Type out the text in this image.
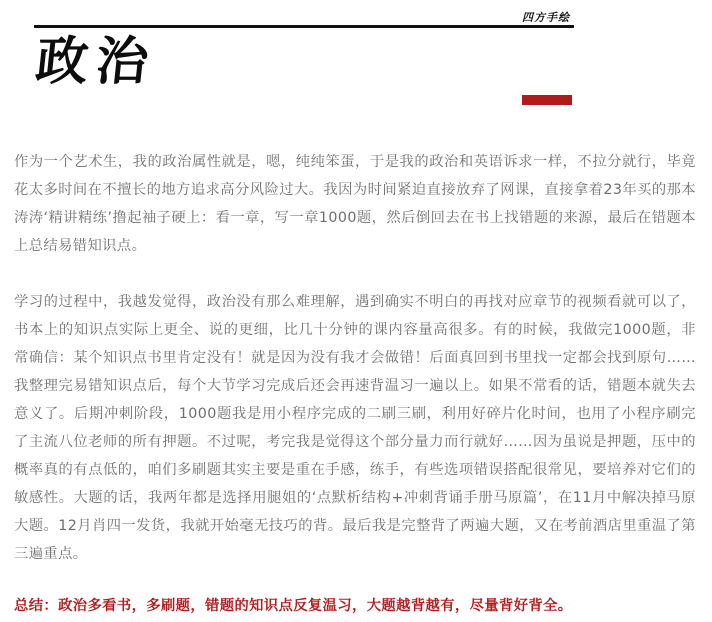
四方手绘
政治

作为一个艺术生，我的政治属性就是，嗯，纯纯笨蛋，于是我的政治和英语诉求一样，不拉分就行，毕竟花太多时间在不擅长的地方追求高分风险过大。我因为时间紧迫直接放弃了网课，直接拿着23年买的那本涛涛‘精讲精练’撸起袖子硬上：看一章，写一章1000题，然后倒回去在书上找错题的来源，最后在错题本上总结易错知识点。

学习的过程中，我越发觉得，政治没有那么难理解，遇到确实不明白的再找对应章节的视频看就可以了，书本上的知识点实际上更全、说的更细，比几十分钟的课内容量高很多。有的时候，我做完1000题，非常确信：某个知识点书里肯定没有！就是因为没有我才会做错！后面真回到书里找一定都会找到原句……我整理完易错知识点后，每个大节学习完成后还会再速背温习一遍以上。如果不常看的话，错题本就失去意义了。后期冲刺阶段，1000题我是用小程序完成的二刷三刷，利用好碎片化时间，也用了小程序刷完了主流八位老师的所有押题。不过呢，考完我是觉得这个部分量力而行就好……因为虽说是押题，压中的概率真的有点低的，咱们多刷题其实主要是重在手感，练手，有些选项错误搭配很常见，要培养对它们的敏感性。大题的话，我两年都是选择用腿姐的‘点默析结构+冲刺背诵手册马原篇’，在11月中解决掉马原大题。12月肖四一发货，我就开始毫无技巧的背。最后我是完整背了两遍大题，又在考前酒店里重温了第三遍重点。

总结：政治多看书，多刷题，错题的知识点反复温习，大题越背越有，尽量背好背全。
